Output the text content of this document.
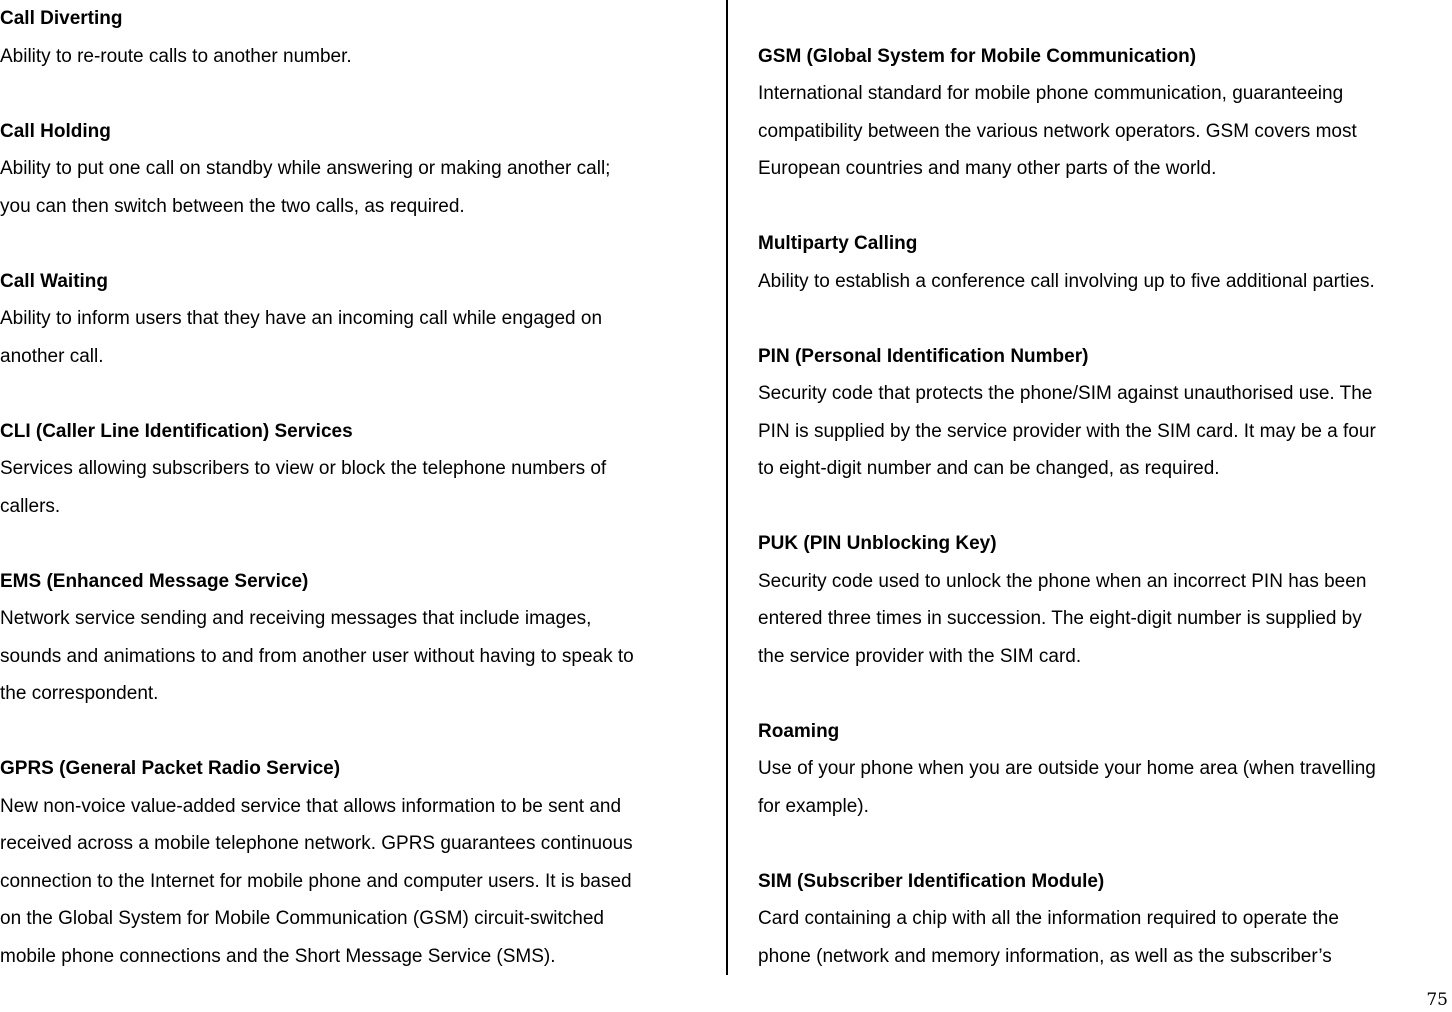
Call Diverting
Ability to re-route calls to another number.
Call Holding
Ability to put one call on standby while answering or making another call;
you can then switch between the two calls, as required.
Call Waiting
Ability to inform users that they have an incoming call while engaged on
another call.
CLI (Caller Line Identification) Services
Services allowing subscribers to view or block the telephone numbers of
callers.
EMS (Enhanced Message Service)
Network service sending and receiving messages that include images,
sounds and animations to and from another user without having to speak to
the correspondent.
GPRS (General Packet Radio Service)
New non-voice value-added service that allows information to be sent and
received across a mobile telephone network. GPRS guarantees continuous
connection to the Internet for mobile phone and computer users. It is based
on the Global System for Mobile Communication (GSM) circuit-switched
mobile phone connections and the Short Message Service (SMS).
GSM (Global System for Mobile Communication)
International standard for mobile phone communication, guaranteeing
compatibility between the various network operators. GSM covers most
European countries and many other parts of the world.
Multiparty Calling
Ability to establish a conference call involving up to five additional parties.
PIN (Personal Identification Number)
Security code that protects the phone/SIM against unauthorised use. The
PIN is supplied by the service provider with the SIM card. It may be a four
to eight-digit number and can be changed, as required.
PUK (PIN Unblocking Key)
Security code used to unlock the phone when an incorrect PIN has been
entered three times in succession. The eight-digit number is supplied by
the service provider with the SIM card.
Roaming
Use of your phone when you are outside your home area (when travelling
for example).
SIM (Subscriber Identification Module)
Card containing a chip with all the information required to operate the
phone (network and memory information, as well as the subscriber’s
75
